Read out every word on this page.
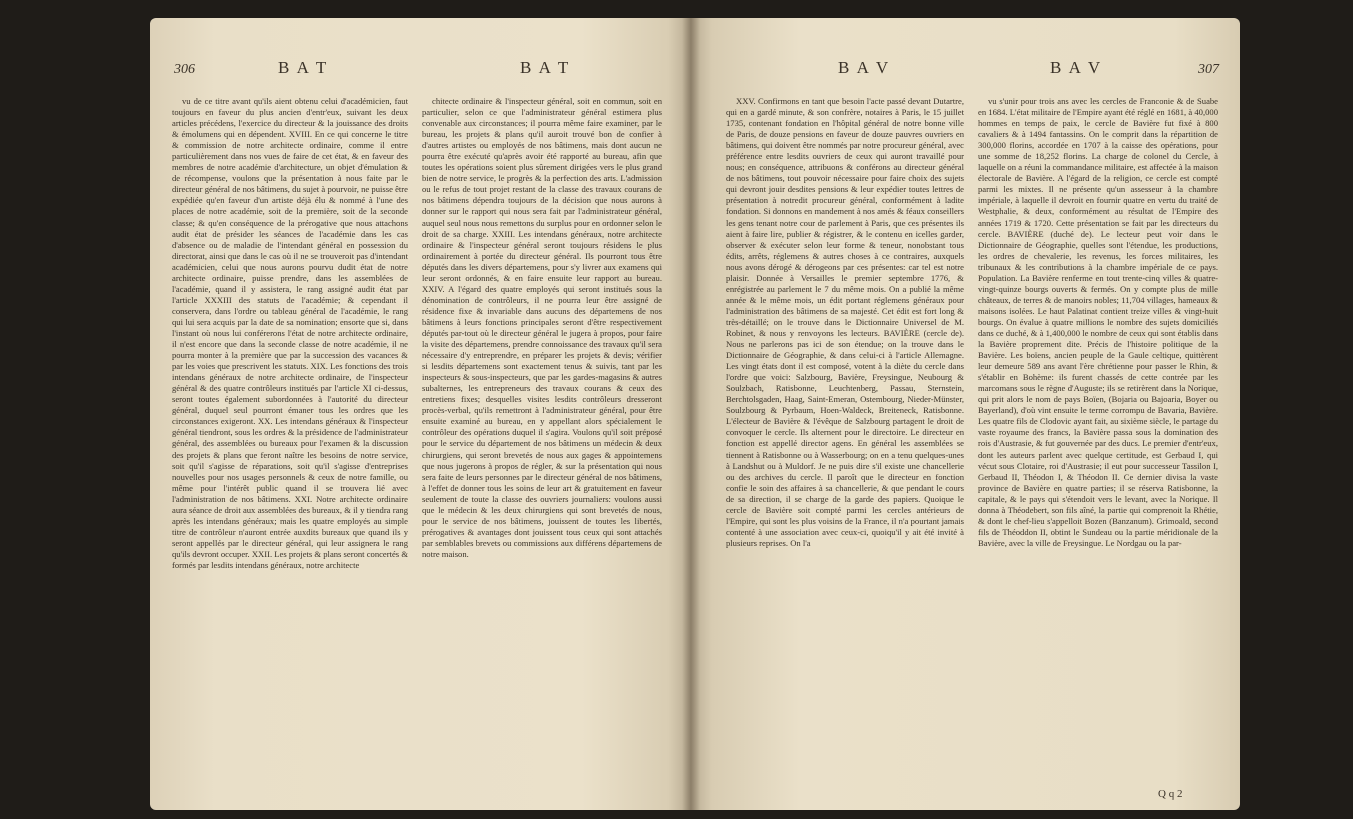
306	B A T	B A T

vu de ce titre avant qu'ils aient obtenu celui d'académicien, faut toujours en faveur du plus ancien d'entr'eux, suivant les deux articles précédens, l'exercice du directeur & la jouissance des droits & émolumens qui en dépendent. XVIII. En ce qui concerne le titre & commission de notre architecte ordinaire, comme il entre particulièrement dans nos vues de faire de cet état, & en faveur des membres de notre académie d'architecture, un objet d'émulation & de récompense, voulons que la présentation à nous faite par le directeur général de nos bâtimens, du sujet à pourvoir, ne puisse être expédiée qu'en faveur d'un artiste déjà élu & nommé à l'une des places de notre académie, soit de la première, soit de la seconde classe; & qu'en conséquence de la prérogative que nous attachons audit état de présider les séances de l'académie dans les cas d'absence ou de maladie de l'intendant général en possession du directorat, ainsi que dans le cas où il ne se trouveroit pas d'intendant académicien, celui que nous aurons pourvu dudit état de notre architecte ordinaire, puisse prendre, dans les assemblées de l'académie, quand il y assistera, le rang assigné audit état par l'article XXXIII des statuts de l'académie; & cependant il conservera, dans l'ordre ou tableau général de l'académie, le rang qui lui sera acquis par la date de sa nomination; ensorte que si, dans l'instant où nous lui conférerons l'état de notre architecte ordinaire, il n'est encore que dans la seconde classe de notre académie, il ne pourra monter à la première que par la succession des vacances & par les voies que prescrivent les statuts. XIX. Les fonctions des trois intendans généraux de notre architecte ordinaire, de l'inspecteur général & des quatre contrôleurs institués par l'article XI ci-dessus, seront toutes également subordonnées à l'autorité du directeur général, duquel seul pourront émaner tous les ordres que les circonstances exigeront. XX. Les intendans généraux & l'inspecteur général tiendront, sous les ordres & la présidence de l'administrateur général, des assemblées ou bureaux pour l'examen & la discussion des projets & plans que feront naître les besoins de notre service, soit qu'il s'agisse de réparations, soit qu'il s'agisse d'entreprises nouvelles pour nos usages personnels & ceux de notre famille, ou même pour l'intérêt public quand il se trouvera lié avec l'administration de nos bâtimens. XXI. Notre architecte ordinaire aura séance de droit aux assemblées des bureaux, & il y tiendra rang après les intendans généraux; mais les quatre employés au simple titre de contrôleur n'auront entrée auxdits bureaux que quand ils y seront appellés par le directeur général, qui leur assignera le rang qu'ils devront occuper. XXII. Les projets & plans seront concertés & formés par lesdits intendans généraux, notre architecte

chitecte ordinaire & l'inspecteur général, soit en commun, soit en particulier, selon ce que l'administrateur général estimera plus convenable aux circonstances; il pourra même faire examiner, par le bureau, les projets & plans qu'il auroit trouvé bon de confier à d'autres artistes ou employés de nos bâtimens, mais dont aucun ne pourra être exécuté qu'après avoir été rapporté au bureau, afin que toutes les opérations soient plus sûrement dirigées vers le plus grand bien de notre service, le progrès & la perfection des arts. L'admission ou le refus de tout projet restant de la classe des travaux courans de nos bâtimens dépendra toujours de la décision que nous aurons à donner sur le rapport qui nous sera fait par l'administrateur général, auquel seul nous nous remettons du surplus pour en ordonner selon le droit de sa charge. XXIII. Les intendans généraux, notre architecte ordinaire & l'inspecteur général seront toujours résidens le plus ordinairement à portée du directeur général. Ils pourront tous être députés dans les divers départemens, pour s'y livrer aux examens qui leur seront ordonnés, & en faire ensuite leur rapport au bureau. XXIV. A l'égard des quatre employés qui seront institués sous la dénomination de contrôleurs, il ne pourra leur être assigné de résidence fixe & invariable dans aucuns des départemens de nos bâtimens à leurs fonctions principales seront d'être respectivement députés par-tout où le directeur général le jugera à propos, pour faire la visite des départemens, prendre connoissance des travaux qu'il sera nécessaire d'y entreprendre, en préparer les projets & devis; vérifier si lesdits départemens sont exactement tenus & suivis, tant par les inspecteurs & sous-inspecteurs, que par les gardes-magasins & autres subalternes, les entrepreneurs des travaux courans & ceux des entretiens fixes; desquelles visites lesdits contrôleurs dresseront procès-verbal, qu'ils remettront à l'administrateur général, pour être ensuite examiné au bureau, en y appellant alors spécialement le contrôleur des opérations duquel il s'agira. Voulons qu'il soit préposé pour le service du département de nos bâtimens un médecin & deux chirurgiens, qui seront brevetés de nous aux gages & appointemens que nous jugerons à propos de régler, & sur la présentation qui nous sera faite de leurs personnes par le directeur général de nos bâtimens, à l'effet de donner tous les soins de leur art & gratuitement en faveur seulement de toute la classe des ouvriers journaliers: voulons aussi que le médecin & les deux chirurgiens qui sont brevetés de nous, pour le service de nos bâtimens, jouissent de toutes les libertés, prérogatives & avantages dont jouissent tous ceux qui sont attachés par semblables brevets ou commissions aux différens départemens de notre maison.

B A V	B A V	307

XXV. Confirmons en tant que besoin l'acte passé devant Dutartre, qui en a gardé minute, & son confrère, notaires à Paris, le 15 juillet 1735, contenant fondation en l'hôpital général de notre bonne ville de Paris, de douze pensions en faveur de douze pauvres ouvriers en bâtimens, qui doivent être nommés par notre procureur général, avec préférence entre lesdits ouvriers de ceux qui auront travaillé pour nous; en conséquence, attribuons & conférons au directeur général de nos bâtimens, tout pouvoir nécessaire pour faire choix des sujets qui devront jouir desdites pensions & leur expédier toutes lettres de présentation à notredit procureur général, conformément à ladite fondation. Si donnons en mandement à nos amés & féaux conseillers les gens tenant notre cour de parlement à Paris, que ces présentes ils aient à faire lire, publier & régistrer, & le contenu en icelles garder, observer & exécuter selon leur forme & teneur, nonobstant tous édits, arrêts, réglemens & autres choses à ce contraires, auxquels nous avons dérogé & dérogeons par ces présentes: car tel est notre plaisir. Donnée à Versailles le premier septembre 1776, & enrégistrée au parlement le 7 du même mois. On a publié la même année & le même mois, un édit portant réglemens généraux pour l'administration des bâtimens de sa majesté. Cet édit est fort long & très-détaillé; on le trouve dans le Dictionnaire Universel de M. Robinet, & nous y renvoyons les lecteurs. BAVIÈRE (cercle de). Nous ne parlerons pas ici de son étendue; on la trouve dans le Dictionnaire de Géographie, & dans celui-ci à l'article Allemagne. Les vingt états dont il est composé, votent à la diète du cercle dans l'ordre que voici: Salzbourg, Bavière, Freysingue, Neubourg & Soulzbach, Ratisbonne, Leuchtenberg, Passau, Sternstein, Berchtolsgaden, Haag, Saint-Emeran, Ostembourg, Nieder-Münster, Soulzbourg & Pyrbaum, Hoen-Waldeck, Breiteneck, Ratisbonne. L'électeur de Bavière & l'évêque de Salzbourg partagent le droit de convoquer le cercle. Ils alternent pour le directoire. Le directeur en fonction est appellé director agens. En général les assemblées se tiennent à Ratisbonne ou à Wasserbourg; on en a tenu quelques-unes à Landshut ou à Muldorf. Je ne puis dire s'il existe une chancellerie ou des archives du cercle. Il paroît que le directeur en fonction confie le soin des affaires à sa chancellerie, & que pendant le cours de sa direction, il se charge de la garde des papiers. Quoique le cercle de Bavière soit compté parmi les cercles antérieurs de l'Empire, qui sont les plus voisins de la France, il n'a pourtant jamais contenté à une association avec ceux-ci, quoiqu'il y ait été invité à plusieurs reprises. On l'a

vu s'unir pour trois ans avec les cercles de Franconie & de Suabe en 1684. L'état militaire de l'Empire ayant été réglé en 1681, à 40,000 hommes en temps de paix, le cercle de Bavière fut fixé à 800 cavaliers & à 1494 fantassins. On le comprit dans la répartition de 300,000 florins, accordée en 1707 à la caisse des opérations, pour une somme de 18,252 florins. La charge de colonel du Cercle, à laquelle on a réuni la commandance militaire, est affectée à la maison électorale de Bavière. A l'égard de la religion, ce cercle est compté parmi les mixtes. Il ne présente qu'un assesseur à la chambre impériale, à laquelle il devroit en fournir quatre en vertu du traité de Westphalie, & deux, conformément au résultat de l'Empire des années 1719 & 1720. Cette présentation se fait par les directeurs du cercle. BAVIÈRE (duché de). Le lecteur peut voir dans le Dictionnaire de Géographie, quelles sont l'étendue, les productions, les ordres de chevalerie, les revenus, les forces militaires, les tribunaux & les contributions à la chambre impériale de ce pays. Population. La Bavière renferme en tout trente-cinq villes & quatre-vingt-quinze bourgs ouverts & fermés. On y compte plus de mille châteaux, de terres & de manoirs nobles; 11,704 villages, hameaux & maisons isolées. Le haut Palatinat contient treize villes & vingt-huit bourgs. On évalue à quatre millions le nombre des sujets domiciliés dans ce duché, & à 1,400,000 le nombre de ceux qui sont établis dans la Bavière proprement dite. Précis de l'histoire politique de la Bavière. Les boïens, ancien peuple de la Gaule celtique, quittèrent leur demeure 589 ans avant l'ère chrétienne pour passer le Rhin, & s'établir en Bohème: ils furent chassés de cette contrée par les marcomans sous le règne d'Auguste; ils se retirèrent dans la Norique, qui prit alors le nom de pays Boïen, (Bojaria ou Bajoaria, Boyer ou Bayerland), d'où vint ensuite le terme corrompu de Bavaria, Bavière. Les quatre fils de Clodovic ayant fait, au sixième siècle, le partage du vaste royaume des francs, la Bavière passa sous la domination des rois d'Austrasie, & fut gouvernée par des ducs. Le premier d'entr'eux, dont les auteurs parlent avec quelque certitude, est Gerbaud I, qui vécut sous Clotaire, roi d'Austrasie; il eut pour successeur Tassilon I, Gerbaud II, Théodon I, & Théodon II. Ce dernier divisa la vaste province de Bavière en quatre parties; il se réserva Ratisbonne, la capitale, & le pays qui s'étendoit vers le levant, avec la Norique. Il donna à Théodebert, son fils aîné, la partie qui comprenoit la Rhétie, & dont le chef-lieu s'appelloit Bozen (Banzanum). Grimoald, second fils de Théoddon II, obtint le Sundeau ou la partie méridionale de la Bavière, avec la ville de Freysingue. Le Nordgau ou la par-

Q q 2
